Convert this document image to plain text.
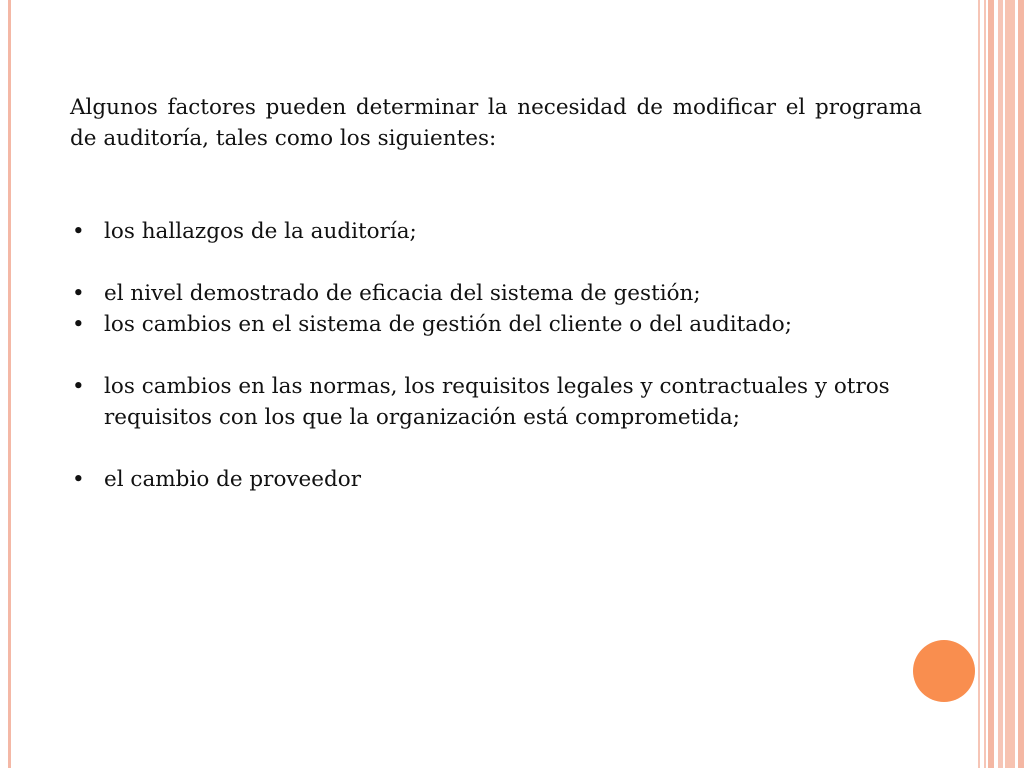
Algunos factores pueden determinar la necesidad de modificar el programa de auditoría, tales como los siguientes:

• los hallazgos de la auditoría;
• el nivel demostrado de eficacia del sistema de gestión;
• los cambios en el sistema de gestión del cliente o del auditado;
• los cambios en las normas, los requisitos legales y contractuales y otros requisitos con los que la organización está comprometida;
• el cambio de proveedor
